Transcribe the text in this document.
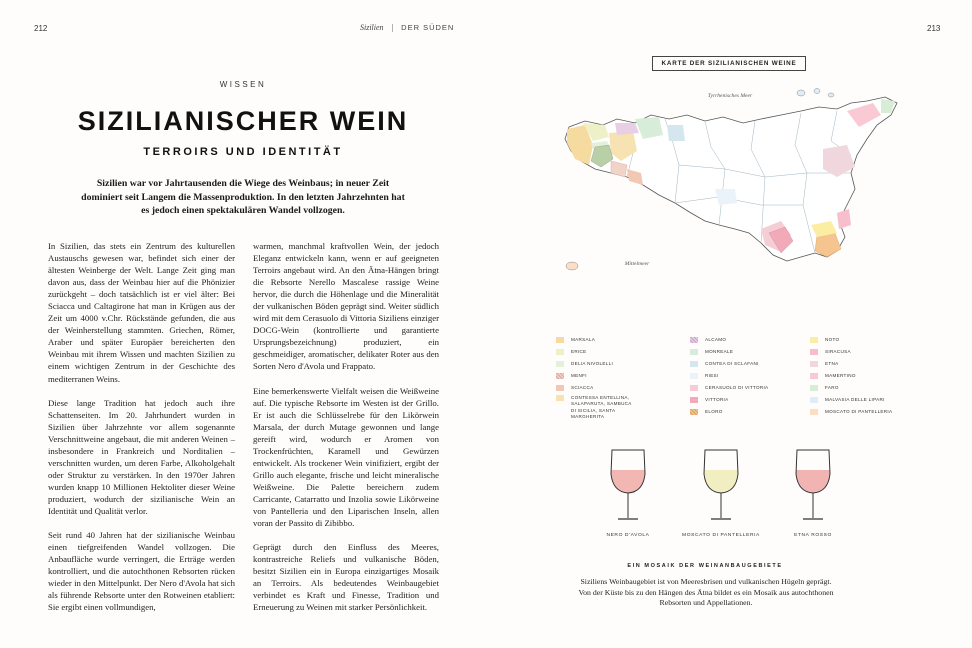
212	213
Sizilien | DER SÜDEN
WISSEN
SIZILIANISCHER WEIN
TERROIRS UND IDENTITÄT
Sizilien war vor Jahrtausenden die Wiege des Weinbaus; in neuer Zeit dominiert seit Langem die Massenproduktion. In den letzten Jahrzehnten hat es jedoch einen spektakulären Wandel vollzogen.

In Sizilien, das stets ein Zentrum des kulturellen Austauschs gewesen war, befindet sich einer der ältesten Weinberge der Welt. Lange Zeit ging man davon aus, dass der Weinbau hier auf die Phönizier zurückgeht – doch tatsächlich ist er viel älter: Bei Sciacca und Caltagirone hat man in Krügen aus der Zeit um 4000 v.Chr. Rückstände gefunden, die aus der Weinherstellung stammten. Griechen, Römer, Araber und später Europäer bereicherten den Weinbau mit ihrem Wissen und machten Sizilien zu einem wichtigen Zentrum in der Geschichte des mediterranen Weins.

Diese lange Tradition hat jedoch auch ihre Schattenseiten. Im 20. Jahrhundert wurden in Sizilien über Jahrzehnte vor allem sogenannte Verschnittweine angebaut, die mit anderen Weinen – insbesondere in Frankreich und Norditalien – verschnitten wurden, um deren Farbe, Alkoholgehalt oder Struktur zu verstärken. In den 1970er Jahren wurden knapp 10 Millionen Hektoliter dieser Weine produziert, wodurch der sizilianische Wein an Identität und Qualität verlor.

Seit rund 40 Jahren hat der sizilianische Weinbau einen tiefgreifenden Wandel vollzogen. Die Anbaufläche wurde verringert, die Erträge werden kontrolliert, und die autochthonen Rebsorten rücken wieder in den Mittelpunkt. Der Nero d'Avola hat sich als führende Rebsorte unter den Rotweinen etabliert: Sie ergibt einen vollmundigen,

warmen, manchmal kraftvollen Wein, der jedoch Eleganz entwickeln kann, wenn er auf geeigneten Terroirs angebaut wird. An den Ätna-Hängen bringt die Rebsorte Nerello Mascalese rassige Weine hervor, die durch die Höhenlage und die Mineralität der vulkanischen Böden geprägt sind. Weiter südlich wird mit dem Cerasuolo di Vittoria Siziliens einziger DOCG-Wein (kontrollierte und garantierte Ursprungsbezeichnung) produziert, ein geschmeidiger, aromatischer, delikater Roter aus den Sorten Nero d'Avola und Frappato.

Eine bemerkenswerte Vielfalt weisen die Weißweine auf. Die typische Rebsorte im Westen ist der Grillo. Er ist auch die Schlüsselrebe für den Likörwein Marsala, der durch Mutage gewonnen und lange gereift wird, wodurch er Aromen von Trockenfrüchten, Karamell und Gewürzen entwickelt. Als trockener Wein vinifiziert, ergibt der Grillo auch elegante, frische und leicht mineralische Weißweine. Die Palette bereichern zudem Carricante, Catarratto und Inzolia sowie Likörweine von Pantelleria und den Liparischen Inseln, allen voran der Passito di Zibibbo.

Geprägt durch den Einfluss des Meeres, kontrastreiche Reliefs und vulkanische Böden, besitzt Sizilien ein in Europa einzigartiges Mosaik an Terroirs. Als bedeutendes Weinbaugebiet verbindet es Kraft und Finesse, Tradition und Erneuerung zu Weinen mit starker Persönlichkeit.

KARTE DER SIZILIANISCHEN WEINE
Tyrrhenisches Meer
Mittelmeer
MARSALA
ERICE
DELIA NIVOLELLI
MENFI
SCIACCA
CONTESSA ENTELLINA, SALAPARUTA, SAMBUCA DI SICILIA, SANTA MARGHERITA
ALCAMO
MONREALE
CONTEA DI SCLAFANI
RIESI
CERASUOLO DI VITTORIA
VITTORIA
ELORO
NOTO
SIRACUSA
ETNA
MAMERTINO
FARO
MALVASIA DELLE LIPARI
MOSCATO DI PANTELLERIA
NERO D'AVOLA	MOSCATO DI PANTELLERIA	ETNA ROSSO
EIN MOSAIK DER WEINANBAUGEBIETE
Siziliens Weinbaugebiet ist von Meeresbrisen und vulkanischen Hügeln geprägt. Von der Küste bis zu den Hängen des Ätna bildet es ein Mosaik aus autochthonen Rebsorten und Appellationen.
